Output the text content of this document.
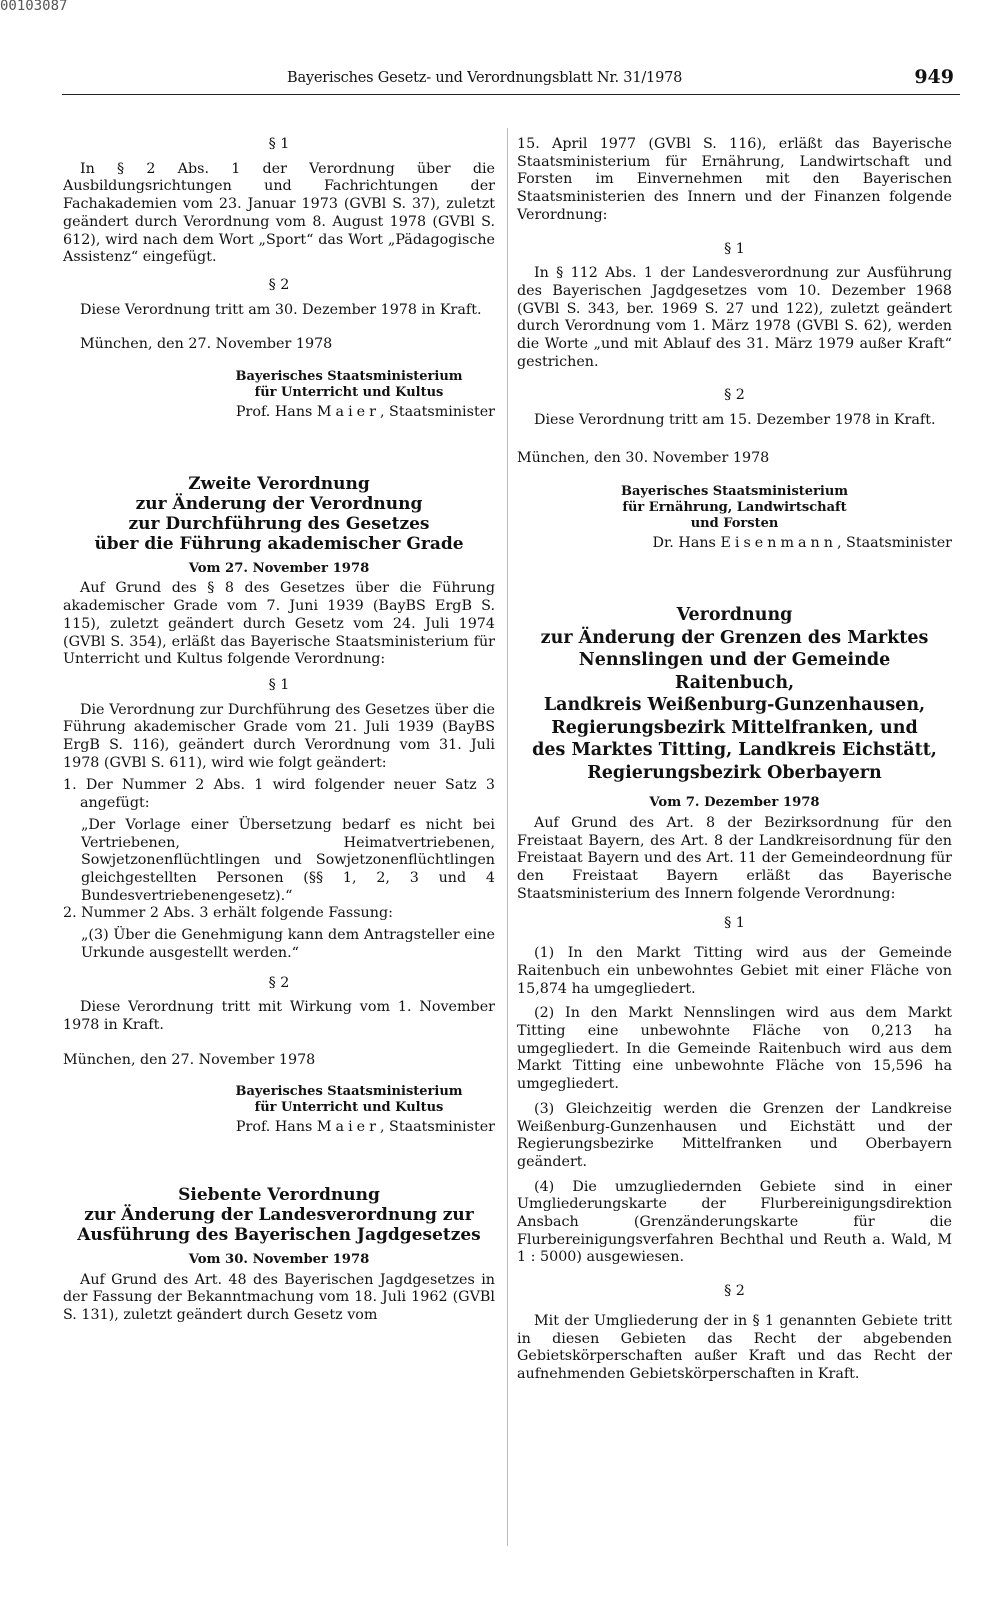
00103087
Bayerisches Gesetz- und Verordnungsblatt Nr. 31/1978	949
§ 1

In § 2 Abs. 1 der Verordnung über die Ausbildungsrichtungen und Fachrichtungen der Fachakademien vom 23. Januar 1973 (GVBl S. 37), zuletzt geändert durch Verordnung vom 8. August 1978 (GVBl S. 612), wird nach dem Wort „Sport“ das Wort „Pädagogische Assistenz“ eingefügt.

§ 2

Diese Verordnung tritt am 30. Dezember 1978 in Kraft.

München, den 27. November 1978

Bayerisches Staatsministerium
für Unterricht und Kultus
Prof. Hans Maier, Staatsminister
Zweite Verordnung
zur Änderung der Verordnung
zur Durchführung des Gesetzes
über die Führung akademischer Grade
Vom 27. November 1978

Auf Grund des § 8 des Gesetzes über die Führung akademischer Grade vom 7. Juni 1939 (BayBS ErgB S. 115), zuletzt geändert durch Gesetz vom 24. Juli 1974 (GVBl S. 354), erläßt das Bayerische Staatsministerium für Unterricht und Kultus folgende Verordnung:

§ 1

Die Verordnung zur Durchführung des Gesetzes über die Führung akademischer Grade vom 21. Juli 1939 (BayBS ErgB S. 116), geändert durch Verordnung vom 31. Juli 1978 (GVBl S. 611), wird wie folgt geändert:

1. Der Nummer 2 Abs. 1 wird folgender neuer Satz 3 angefügt:
„Der Vorlage einer Übersetzung bedarf es nicht bei Vertriebenen, Heimatvertriebenen, Sowjetzonenflüchtlingen und Sowjetzonenflüchtlingen gleichgestellten Personen (§§ 1, 2, 3 und 4 Bundesvertriebenengesetz).“
2. Nummer 2 Abs. 3 erhält folgende Fassung:
„(3) Über die Genehmigung kann dem Antragsteller eine Urkunde ausgestellt werden.“
§ 2

Diese Verordnung tritt mit Wirkung vom 1. November 1978 in Kraft.

München, den 27. November 1978

Bayerisches Staatsministerium
für Unterricht und Kultus
Prof. Hans Maier, Staatsminister
Siebente Verordnung
zur Änderung der Landesverordnung zur
Ausführung des Bayerischen Jagdgesetzes
Vom 30. November 1978

Auf Grund des Art. 48 des Bayerischen Jagdgesetzes in der Fassung der Bekanntmachung vom 18. Juli 1962 (GVBl S. 131), zuletzt geändert durch Gesetz vom

15. April 1977 (GVBl S. 116), erläßt das Bayerische Staatsministerium für Ernährung, Landwirtschaft und Forsten im Einvernehmen mit den Bayerischen Staatsministerien des Innern und der Finanzen folgende Verordnung:

§ 1

In § 112 Abs. 1 der Landesverordnung zur Ausführung des Bayerischen Jagdgesetzes vom 10. Dezember 1968 (GVBl S. 343, ber. 1969 S. 27 und 122), zuletzt geändert durch Verordnung vom 1. März 1978 (GVBl S. 62), werden die Worte „und mit Ablauf des 31. März 1979 außer Kraft“ gestrichen.

§ 2

Diese Verordnung tritt am 15. Dezember 1978 in Kraft.

München, den 30. November 1978

Bayerisches Staatsministerium
für Ernährung, Landwirtschaft
und Forsten
Dr. Hans Eisenmann, Staatsminister
Verordnung
zur Änderung der Grenzen des Marktes
Nennslingen und der Gemeinde Raitenbuch,
Landkreis Weißenburg-Gunzenhausen,
Regierungsbezirk Mittelfranken, und
des Marktes Titting, Landkreis Eichstätt,
Regierungsbezirk Oberbayern
Vom 7. Dezember 1978

Auf Grund des Art. 8 der Bezirksordnung für den Freistaat Bayern, des Art. 8 der Landkreisordnung für den Freistaat Bayern und des Art. 11 der Gemeindeordnung für den Freistaat Bayern erläßt das Bayerische Staatsministerium des Innern folgende Verordnung:

§ 1
(1) In den Markt Titting wird aus der Gemeinde Raitenbuch ein unbewohntes Gebiet mit einer Fläche von 15,874 ha umgegliedert.
(2) In den Markt Nennslingen wird aus dem Markt Titting eine unbewohnte Fläche von 0,213 ha umgegliedert. In die Gemeinde Raitenbuch wird aus dem Markt Titting eine unbewohnte Fläche von 15,596 ha umgegliedert.
(3) Gleichzeitig werden die Grenzen der Landkreise Weißenburg-Gunzenhausen und Eichstätt und der Regierungsbezirke Mittelfranken und Oberbayern geändert.
(4) Die umzugliedernden Gebiete sind in einer Umgliederungskarte der Flurbereinigungsdirektion Ansbach (Grenzänderungskarte für die Flurbereinigungsverfahren Bechthal und Reuth a. Wald, M 1 : 5000) ausgewiesen.
§ 2

Mit der Umgliederung der in § 1 genannten Gebiete tritt in diesen Gebieten das Recht der abgebenden Gebietskörperschaften außer Kraft und das Recht der aufnehmenden Gebietskörperschaften in Kraft.
